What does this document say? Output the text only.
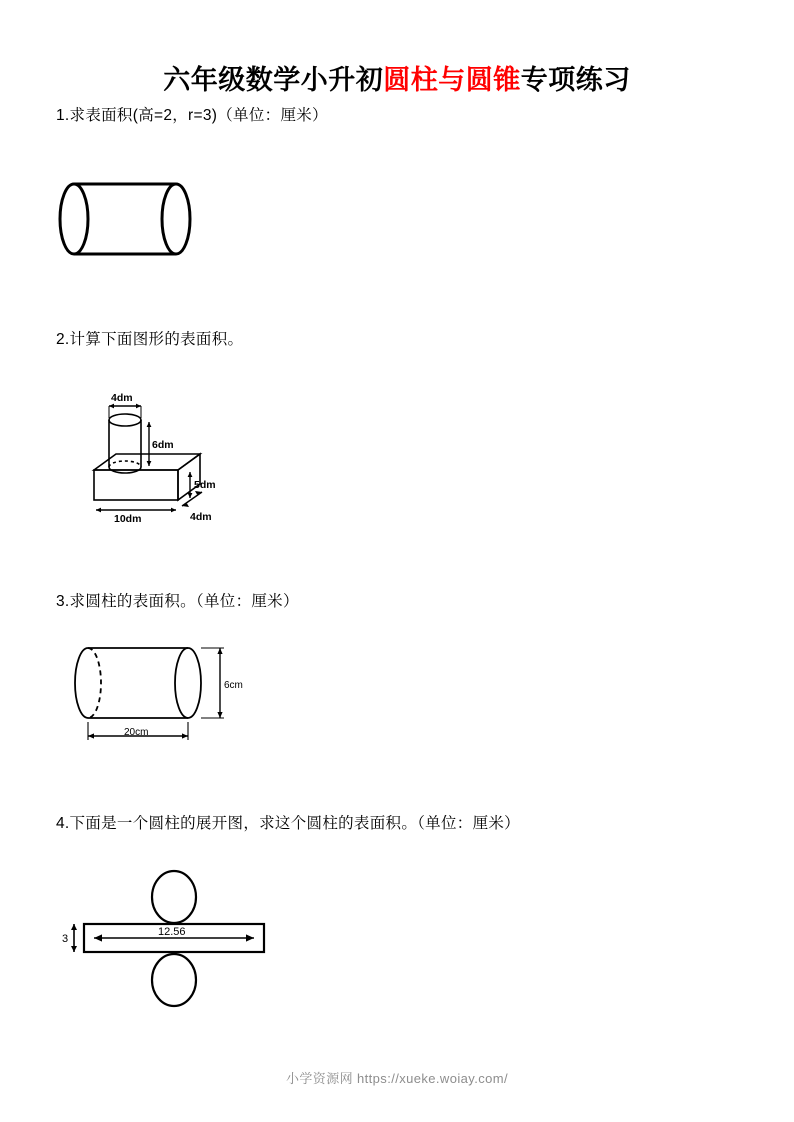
六年级数学小升初圆柱与圆锥专项练习
1.求表面积(高=2，r=3)（单位：厘米）
2.计算下面图形的表面积。
4dm
6dm
5dm
10dm	4dm
3.求圆柱的表面积。（单位：厘米）
6cm
20cm
4.下面是一个圆柱的展开图，求这个圆柱的表面积。（单位：厘米）
12.56
3
小学资源网 https://xueke.woiay.com/
